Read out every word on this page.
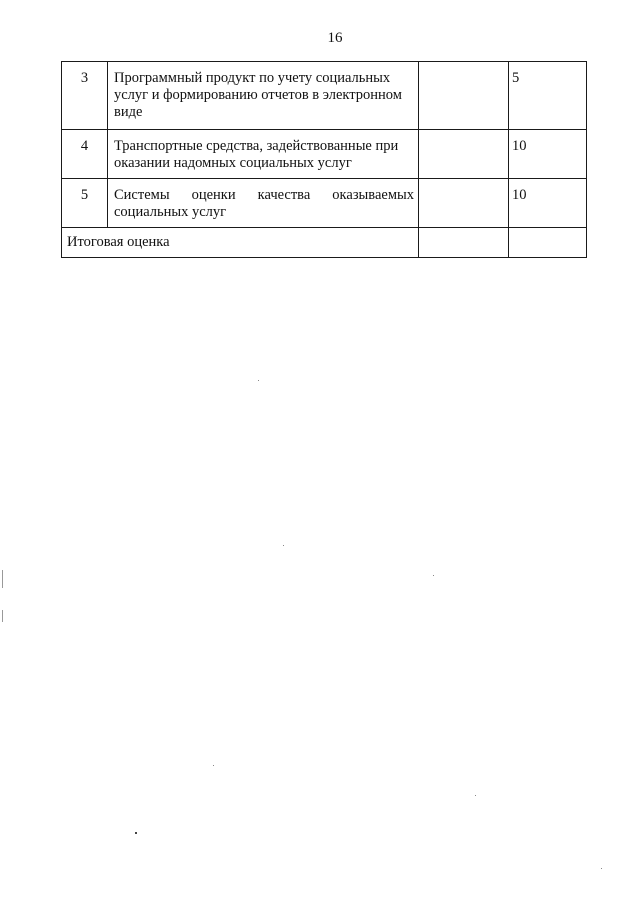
16
3	Программный продукт по учету социальных услуг и формированию отчетов в электронном виде		5
4	Транспортные средства, задействованные при оказании надомных социальных услуг		10
5	Системы оценки качества оказываемых социальных услуг		10
Итоговая оценка			
